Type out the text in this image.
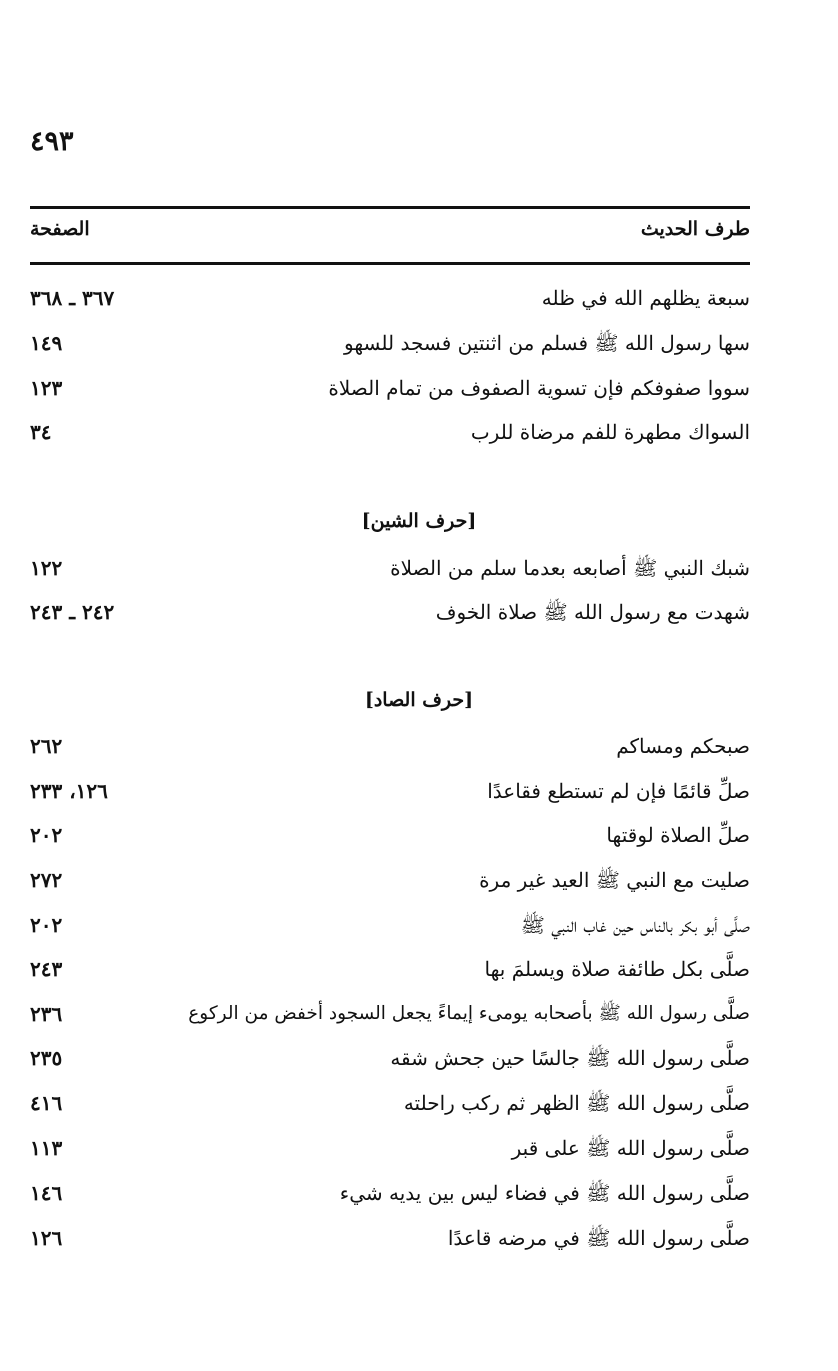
٤٩٣
طرف الحديث
الصفحة
سبعة يظلهم الله في ظله
٣٦٧ ـ ٣٦٨
سها رسول الله ﷺ فسلم من اثنتين فسجد للسهو
١٤٩
سووا صفوفكم فإن تسوية الصفوف من تمام الصلاة
١٢٣
السواك مطهرة للفم مرضاة للرب
٣٤
[حرف الشين]
شبك النبي ﷺ أصابعه بعدما سلم من الصلاة
١٢٢
شهدت مع رسول الله ﷺ صلاة الخوف
٢٤٢ ـ ٢٤٣
[حرف الصاد]
صبحكم ومساكم
٢٦٢
صلِّ قائمًا فإن لم تستطع فقاعدًا
١٢٦، ٢٣٣
صلِّ الصلاة لوقتها
٢٠٢
صليت مع النبي ﷺ العيد غير مرة
٢٧٢
صلَّى أبو بكر بالناس حين غاب النبي ﷺ
٢٠٢
صلَّى بكل طائفة صلاة ويسلمَ بها
٢٤٣
صلَّى رسول الله ﷺ بأصحابه يومىء إيماءً يجعل السجود أخفض من الركوع
٢٣٦
صلَّى رسول الله ﷺ جالسًا حين جحش شقه
٢٣٥
صلَّى رسول الله ﷺ الظهر ثم ركب راحلته
٤١٦
صلَّى رسول الله ﷺ على قبر
١١٣
صلَّى رسول الله ﷺ في فضاء ليس بين يديه شيء
١٤٦
صلَّى رسول الله ﷺ في مرضه قاعدًا
١٢٦
